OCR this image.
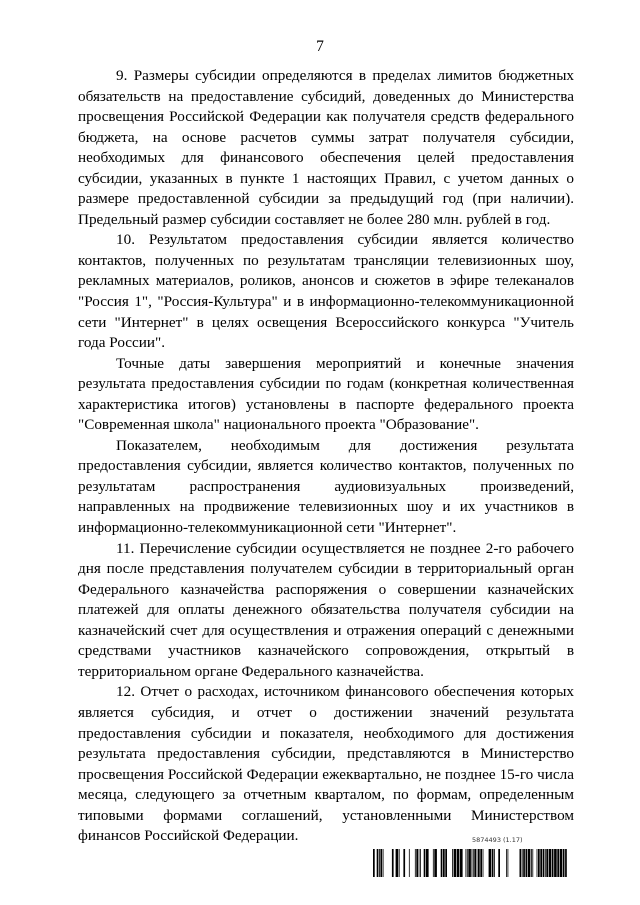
7

9. Размеры субсидии определяются в пределах лимитов бюджетных обязательств на предоставление субсидий, доведенных до Министерства просвещения Российской Федерации как получателя средств федерального бюджета, на основе расчетов суммы затрат получателя субсидии, необходимых для финансового обеспечения целей предоставления субсидии, указанных в пункте 1 настоящих Правил, с учетом данных о размере предоставленной субсидии за предыдущий год (при наличии). Предельный размер субсидии составляет не более 280 млн. рублей в год.

10. Результатом предоставления субсидии является количество контактов, полученных по результатам трансляции телевизионных шоу, рекламных материалов, роликов, анонсов и сюжетов в эфире телеканалов "Россия 1", "Россия-Культура" и в информационно-телекоммуникационной сети "Интернет" в целях освещения Всероссийского конкурса "Учитель года России".

Точные даты завершения мероприятий и конечные значения результата предоставления субсидии по годам (конкретная количественная характеристика итогов) установлены в паспорте федерального проекта "Современная школа" национального проекта "Образование".

Показателем, необходимым для достижения результата предоставления субсидии, является количество контактов, полученных по результатам распространения аудиовизуальных произведений, направленных на продвижение телевизионных шоу и их участников в информационно-телекоммуникационной сети "Интернет".

11. Перечисление субсидии осуществляется не позднее 2-го рабочего дня после представления получателем субсидии в территориальный орган Федерального казначейства распоряжения о совершении казначейских платежей для оплаты денежного обязательства получателя субсидии на казначейский счет для осуществления и отражения операций с денежными средствами участников казначейского сопровождения, открытый в территориальном органе Федерального казначейства.

12. Отчет о расходах, источником финансового обеспечения которых является субсидия, и отчет о достижении значений результата предоставления субсидии и показателя, необходимого для достижения результата предоставления субсидии, представляются в Министерство просвещения Российской Федерации ежеквартально, не позднее 15-го числа месяца, следующего за отчетным кварталом, по формам, определенным типовыми формами соглашений, установленными Министерством финансов Российской Федерации.	5874493 (1.17)
